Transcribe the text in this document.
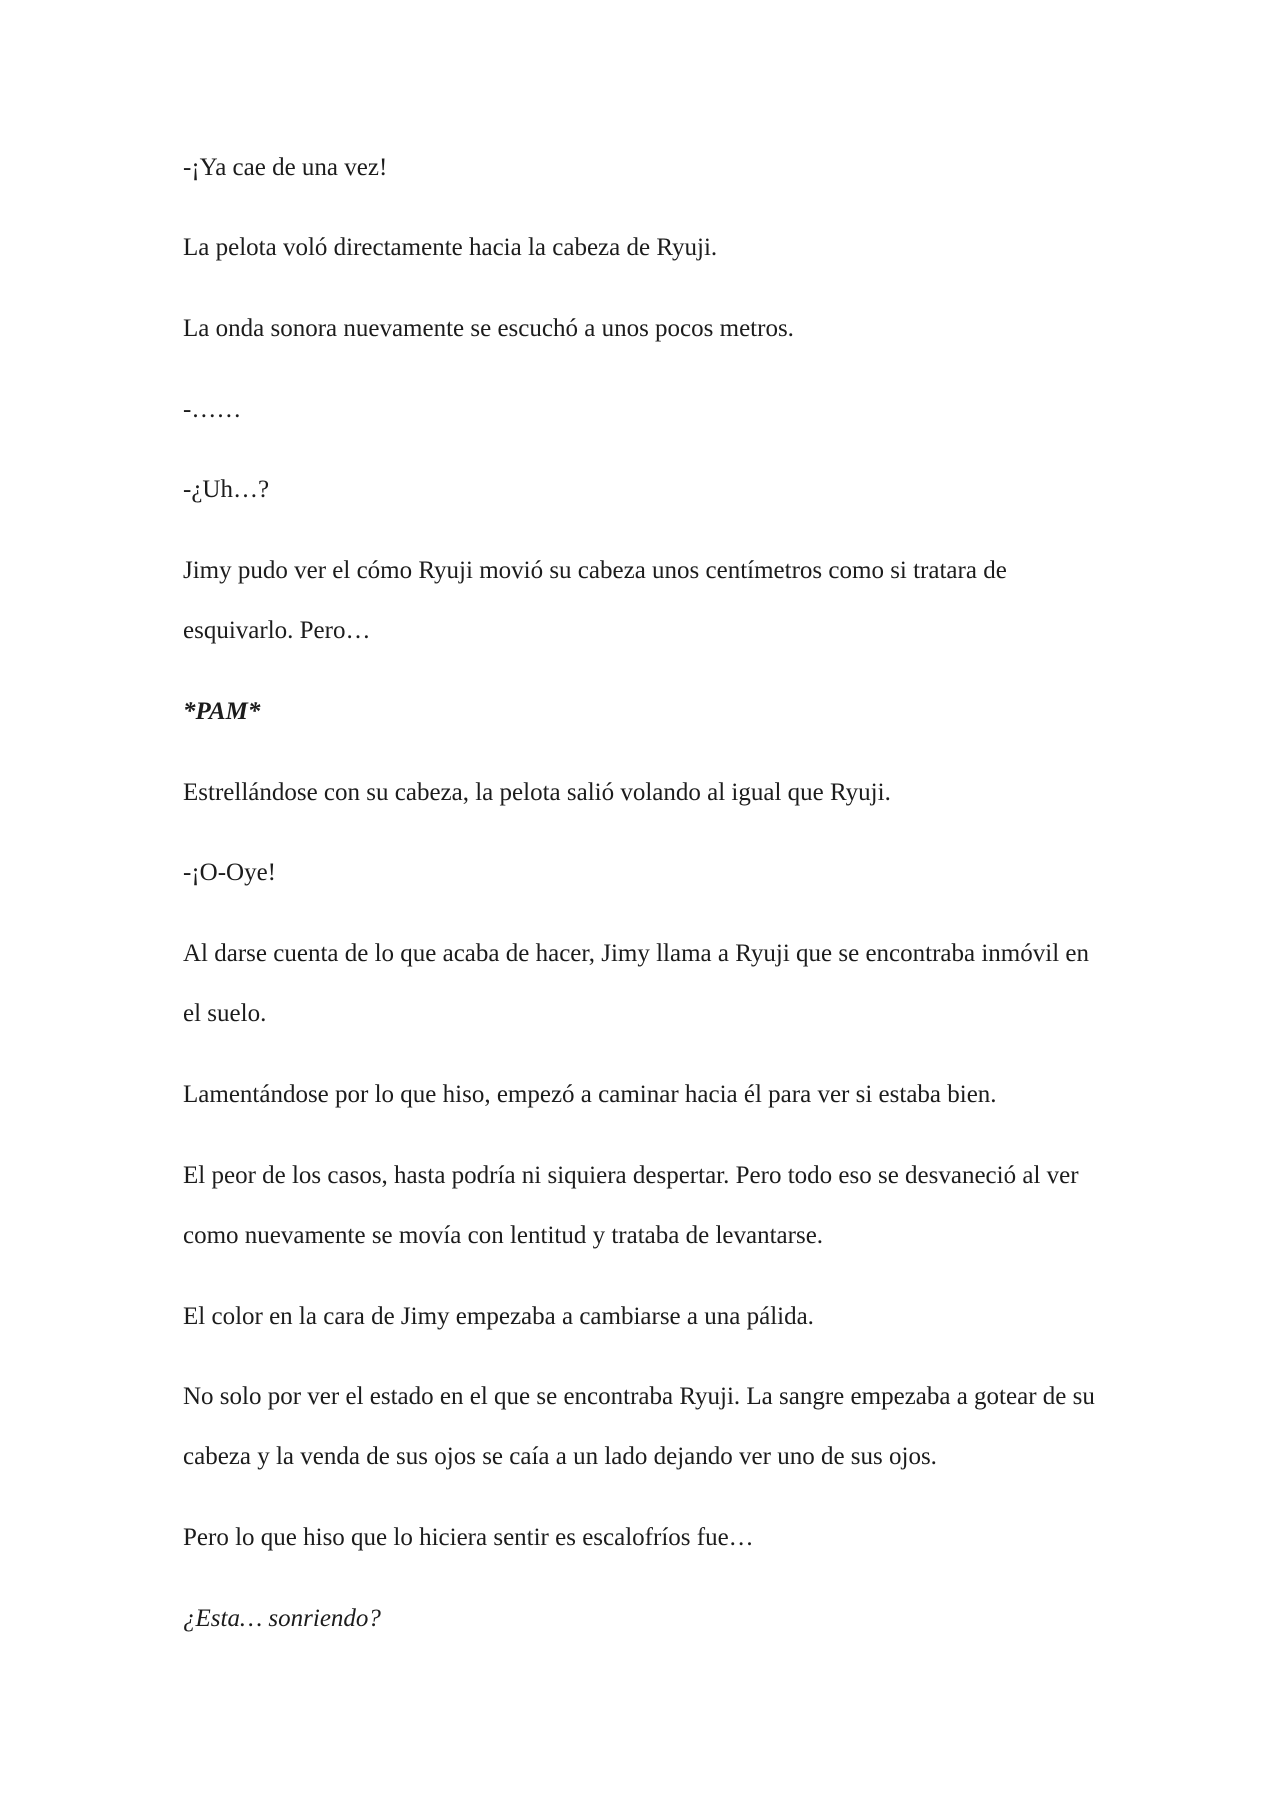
-¡Ya cae de una vez!

La pelota voló directamente hacia la cabeza de Ryuji.

La onda sonora nuevamente se escuchó a unos pocos metros.

-……

-¿Uh…?

Jimy pudo ver el cómo Ryuji movió su cabeza unos centímetros como si tratara de esquivarlo. Pero…

*PAM*

Estrellándose con su cabeza, la pelota salió volando al igual que Ryuji.

-¡O-Oye!

Al darse cuenta de lo que acaba de hacer, Jimy llama a Ryuji que se encontraba inmóvil en el suelo.

Lamentándose por lo que hiso, empezó a caminar hacia él para ver si estaba bien.

El peor de los casos, hasta podría ni siquiera despertar. Pero todo eso se desvaneció al ver como nuevamente se movía con lentitud y trataba de levantarse.

El color en la cara de Jimy empezaba a cambiarse a una pálida.

No solo por ver el estado en el que se encontraba Ryuji. La sangre empezaba a gotear de su cabeza y la venda de sus ojos se caía a un lado dejando ver uno de sus ojos.

Pero lo que hiso que lo hiciera sentir es escalofríos fue…

¿Esta… sonriendo?
